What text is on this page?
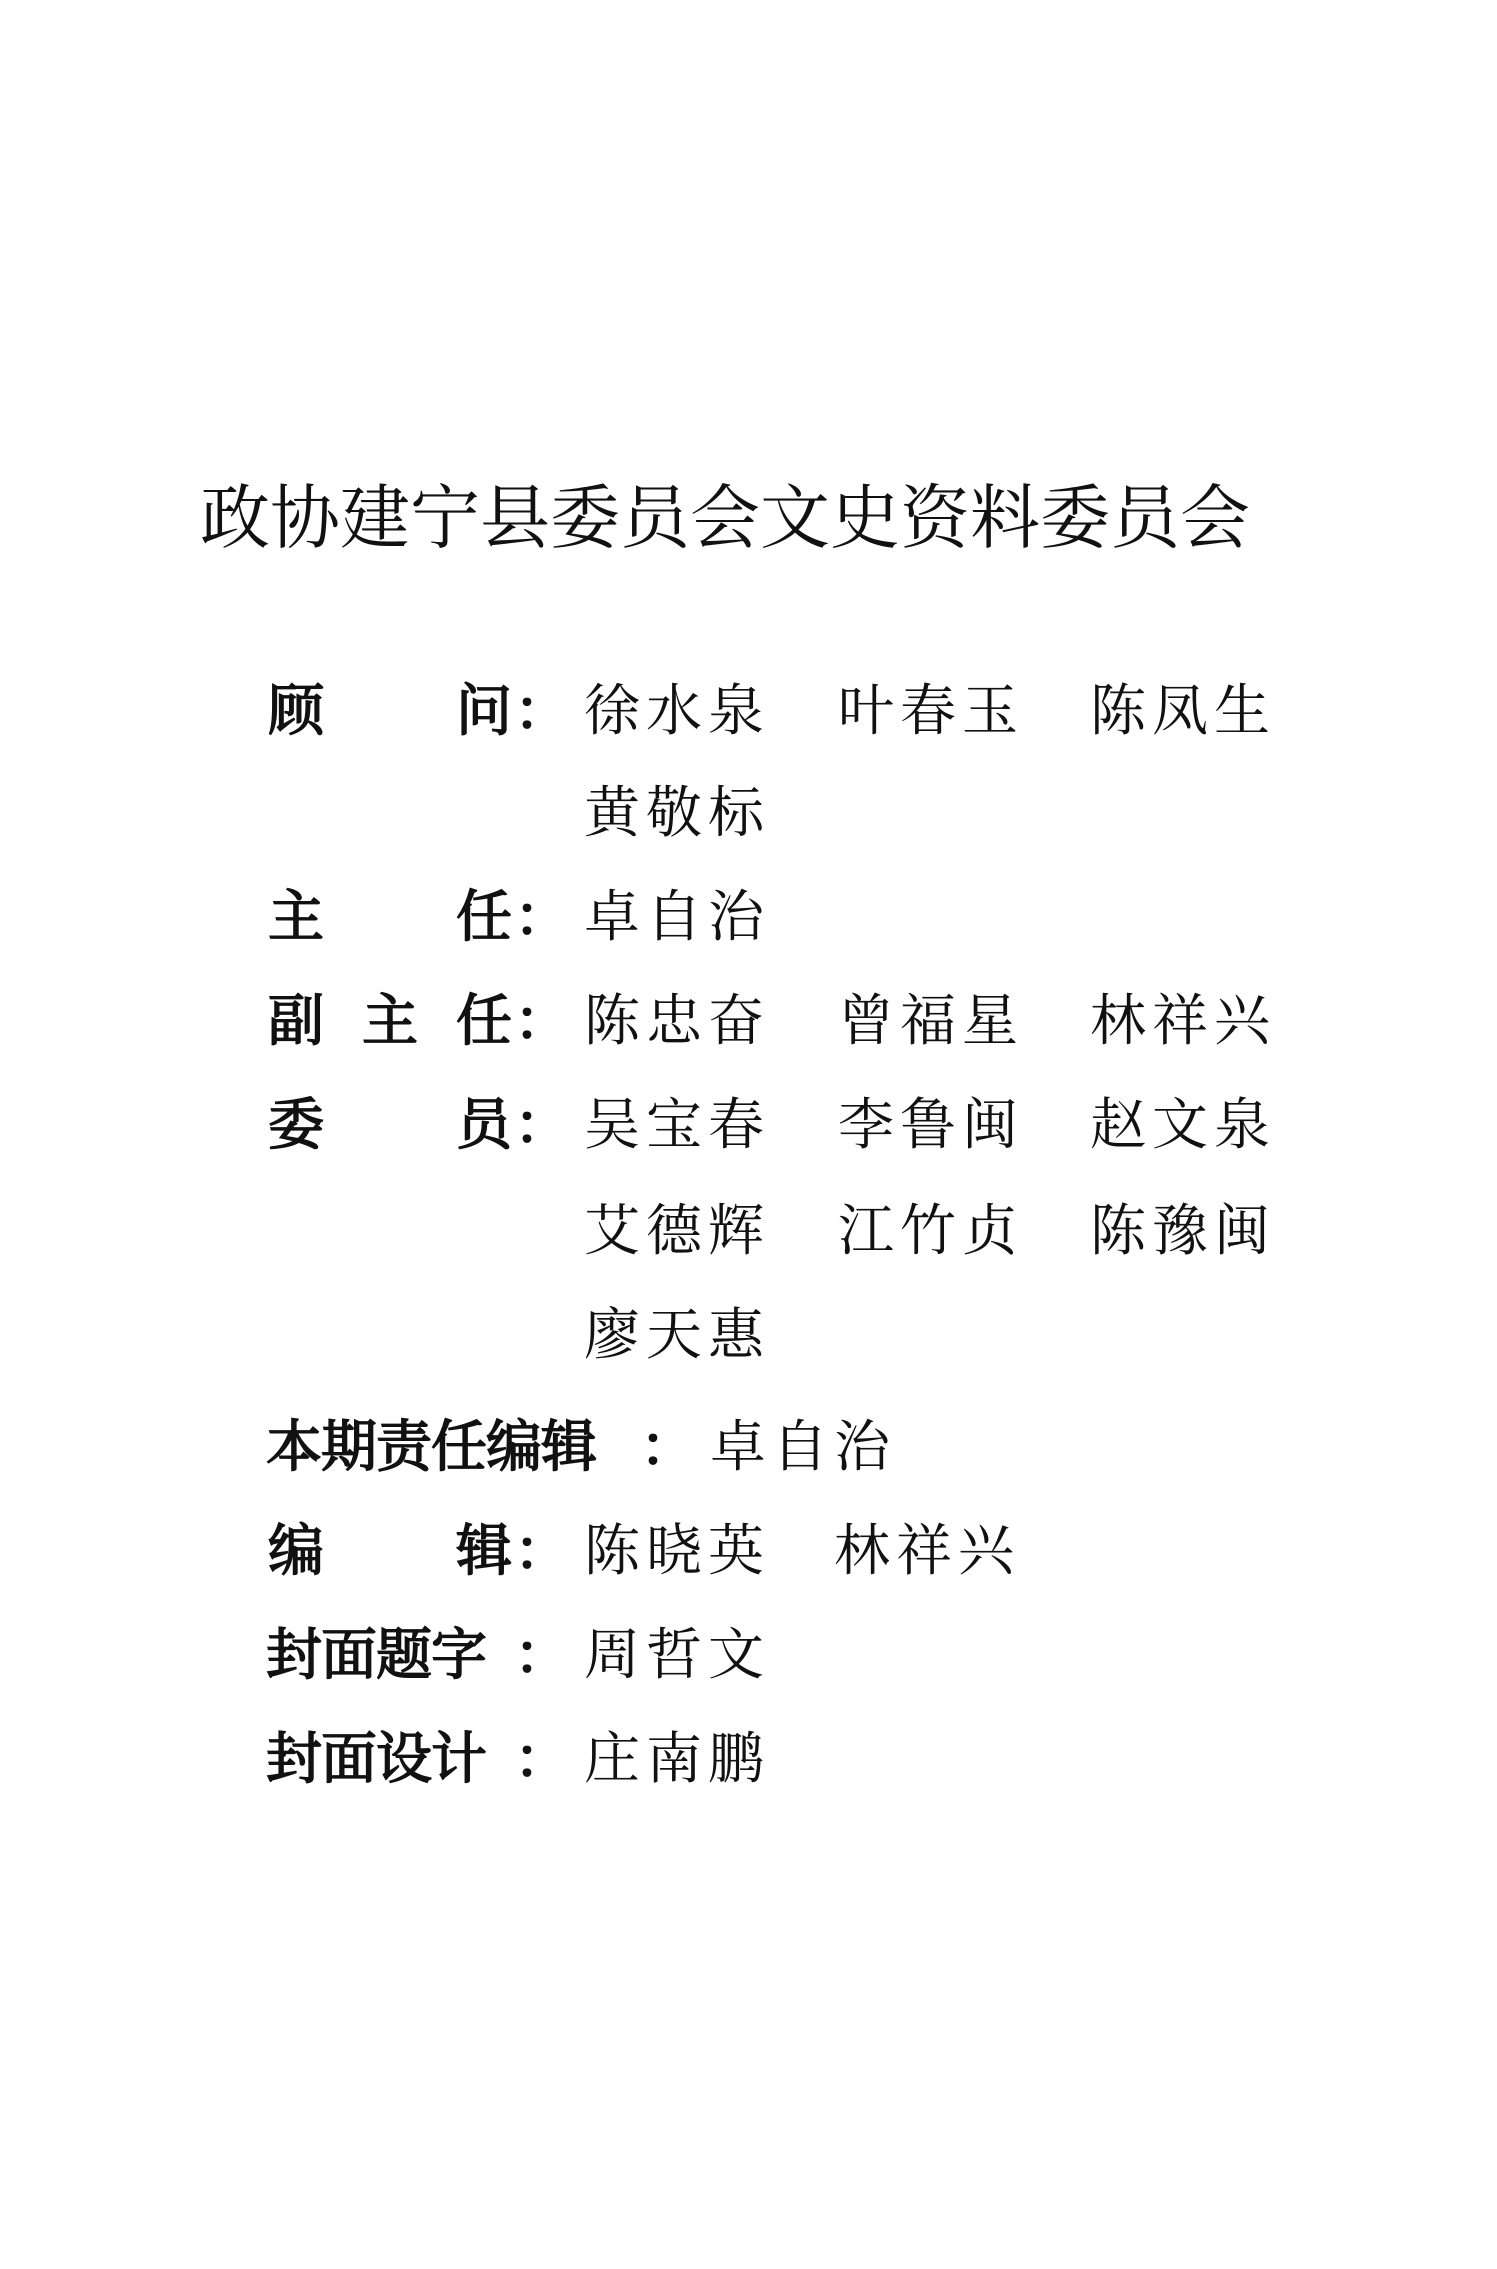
政协建宁县委员会文史资料委员会
顾 问 ： 徐水泉 叶春玉 陈凤生
黄敬标
主 任 ： 卓自治
副 主 任 ： 陈忠奋 曾福星 林祥兴
委 员 ： 吴宝春 李鲁闽 赵文泉
艾德辉 江竹贞 陈豫闽
廖天惠
本期责任编辑 ： 卓自治
编 辑 ： 陈晓英 林祥兴
封面题字 ： 周哲文
封面设计 ： 庄南鹏
